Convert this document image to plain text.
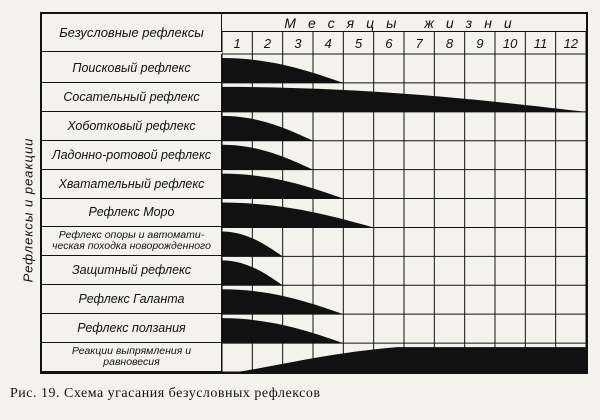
Рефлексы и реакции
Безусловные рефлексы
Месяцы жизни
1	2	3	4	5	6	7	8	9	10	11	12
Поисковый рефлекс
Сосательный рефлекс
Хоботковый рефлекс
Ладонно-ротовой рефлекс
Хватательный рефлекс
Рефлекс Моро
Рефлекс опоры и автомати-ческая походка новорожденного
Защитный рефлекс
Рефлекс Галанта
Рефлекс ползания
Реакции выпрямления и равновесия
Рис. 19. Схема угасания безусловных рефлексов
